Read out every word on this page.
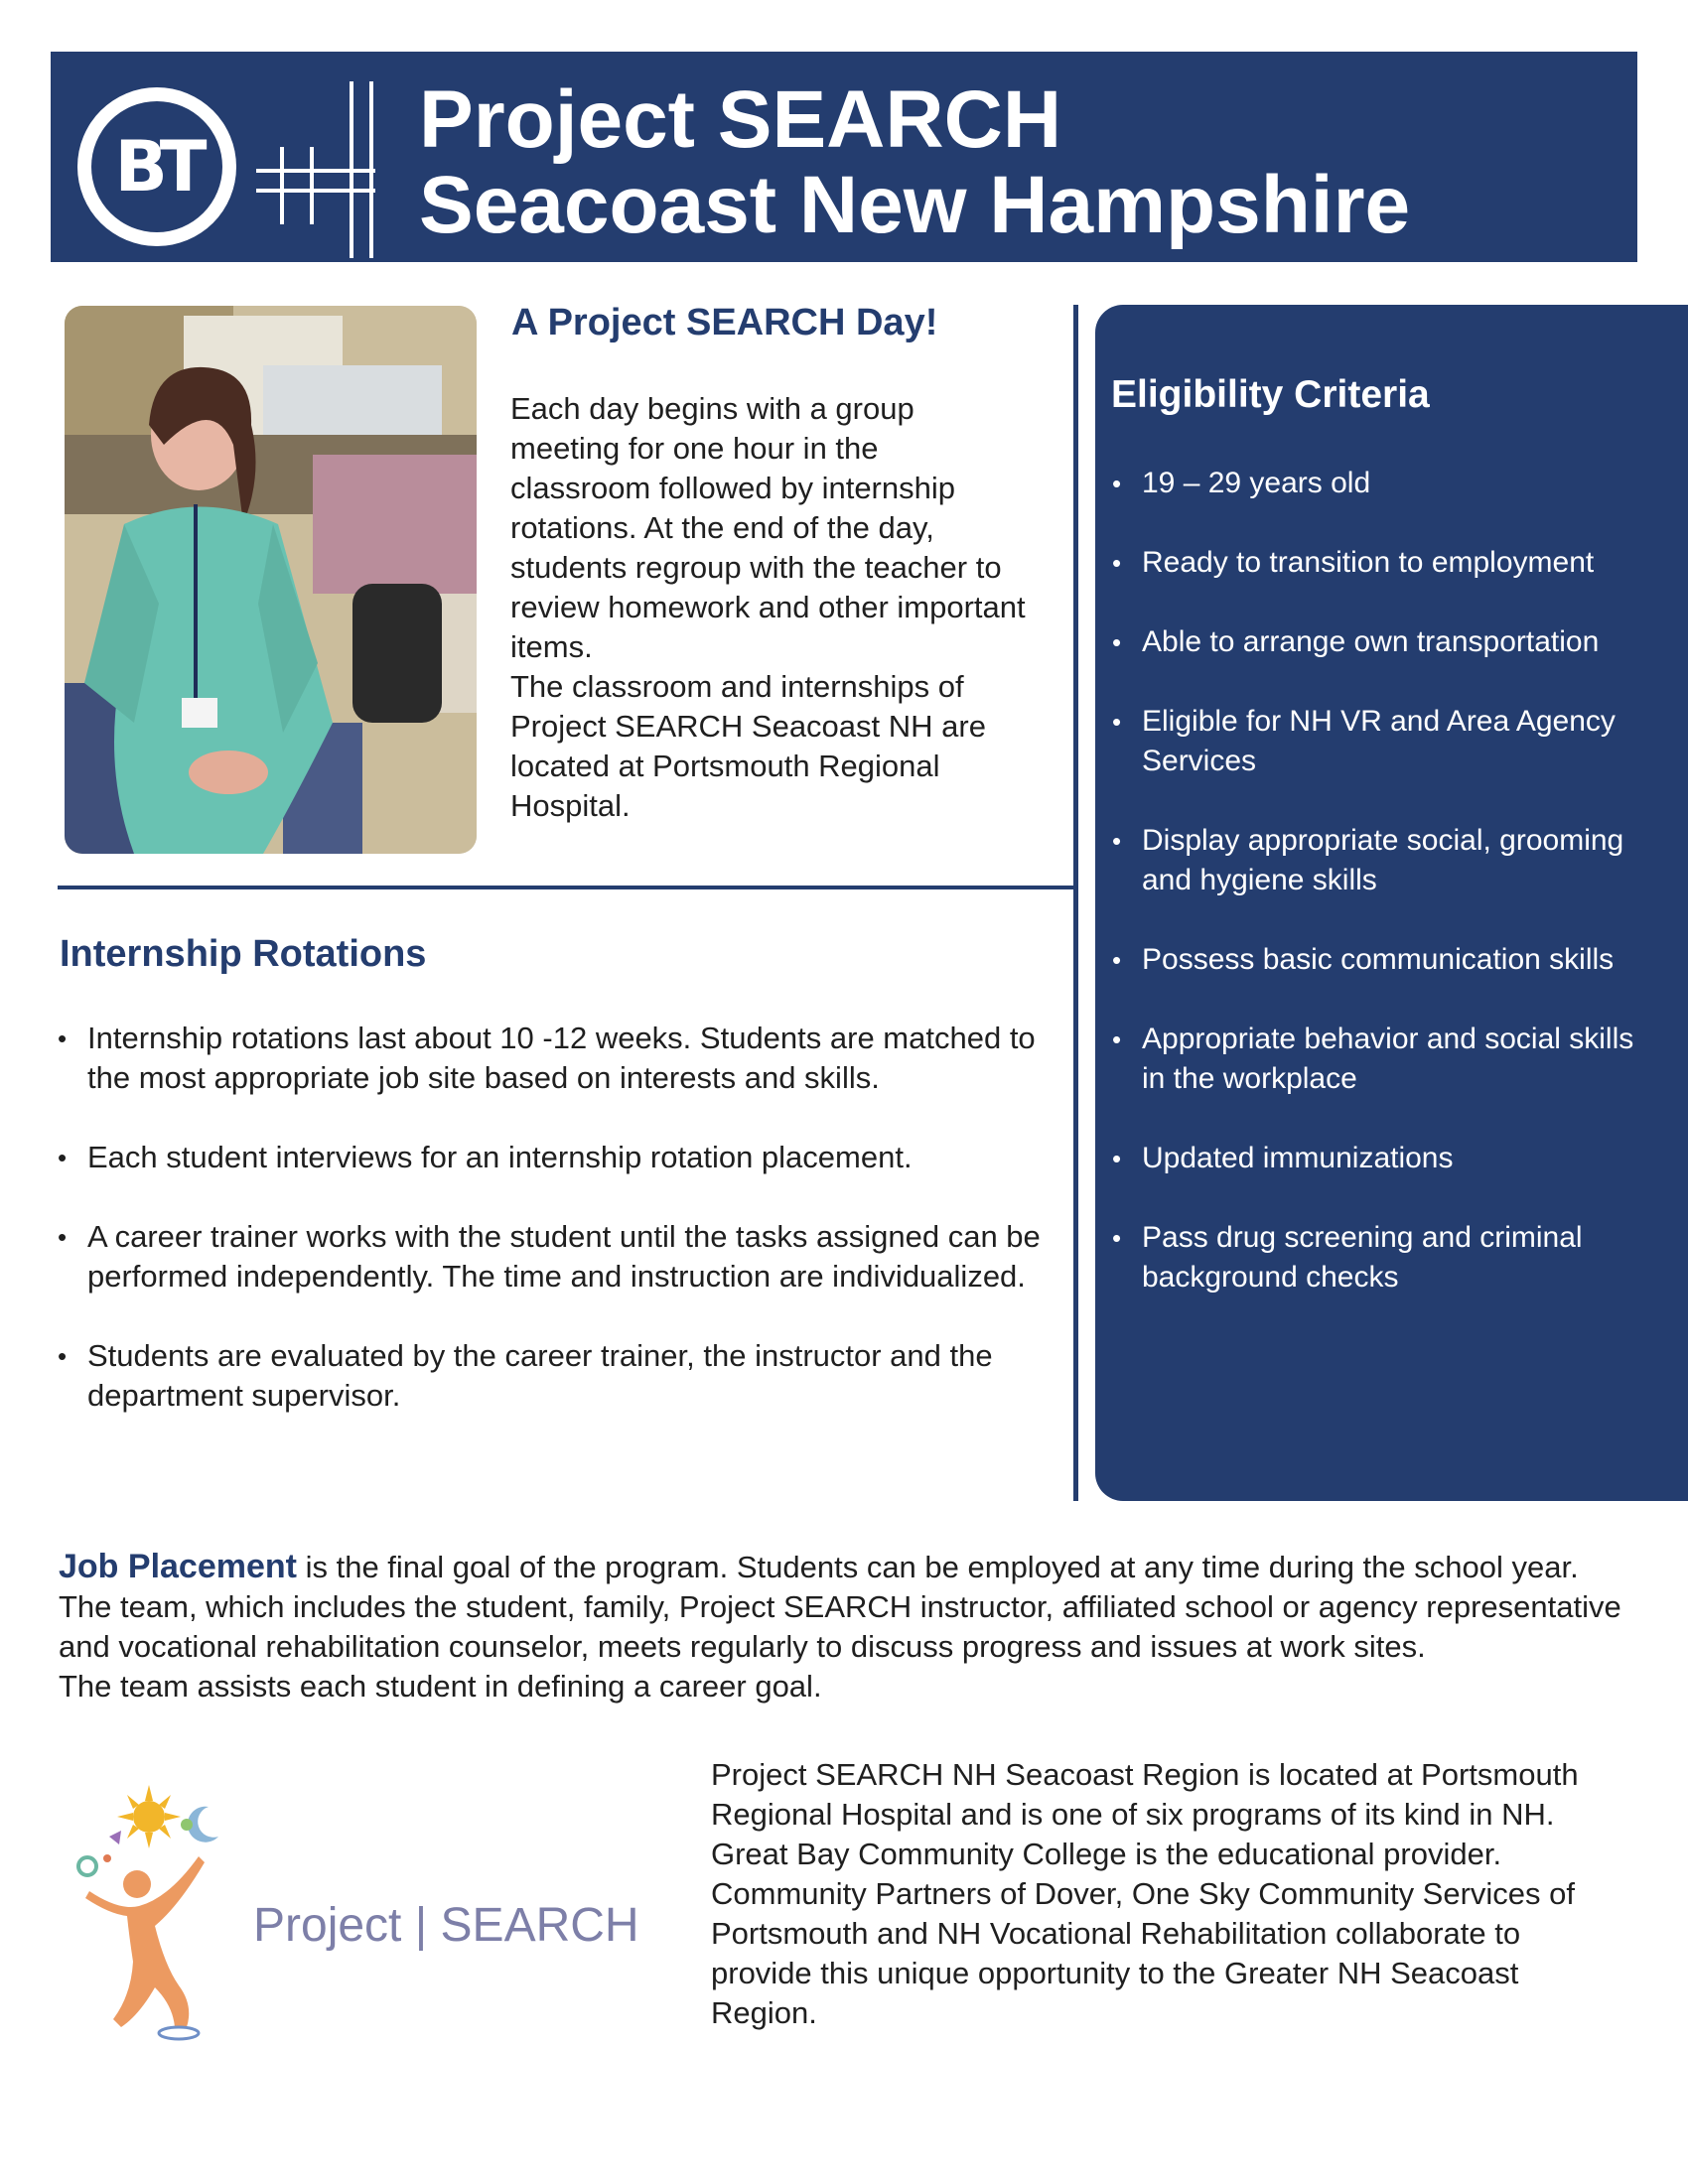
BT
Project SEARCH
Seacoast New Hampshire
A Project SEARCH Day!
Each day begins with a group meeting for one hour in the classroom followed by internship rotations. At the end of the day, students regroup with the teacher to review homework and other important items.
The classroom and internships of Project SEARCH Seacoast NH are located at Portsmouth Regional Hospital.
Internship Rotations
• Internship rotations last about 10 -12 weeks. Students are matched to the most appropriate job site based on interests and skills.
• Each student interviews for an internship rotation placement.
• A career trainer works with the student until the tasks assigned can be performed independently. The time and instruction are individualized.
• Students are evaluated by the career trainer, the instructor and the department supervisor.
Eligibility Criteria
• 19 – 29 years old
• Ready to transition to employment
• Able to arrange own transportation
• Eligible for NH VR and Area Agency Services
• Display appropriate social, grooming and hygiene skills
• Possess basic communication skills
• Appropriate behavior and social skills in the workplace
• Updated immunizations
• Pass drug screening and criminal background checks
Job Placement is the final goal of the program. Students can be employed at any time during the school year. The team, which includes the student, family, Project SEARCH instructor, affiliated school or agency representative and vocational rehabilitation counselor, meets regularly to discuss progress and issues at work sites.
The team assists each student in defining a career goal.
Project | SEARCH
Project SEARCH NH Seacoast Region is located at Portsmouth Regional Hospital and is one of six programs of its kind in NH. Great Bay Community College is the educational provider. Community Partners of Dover, One Sky Community Services of Portsmouth and NH Vocational Rehabilitation collaborate to provide this unique opportunity to the Greater NH Seacoast Region.
